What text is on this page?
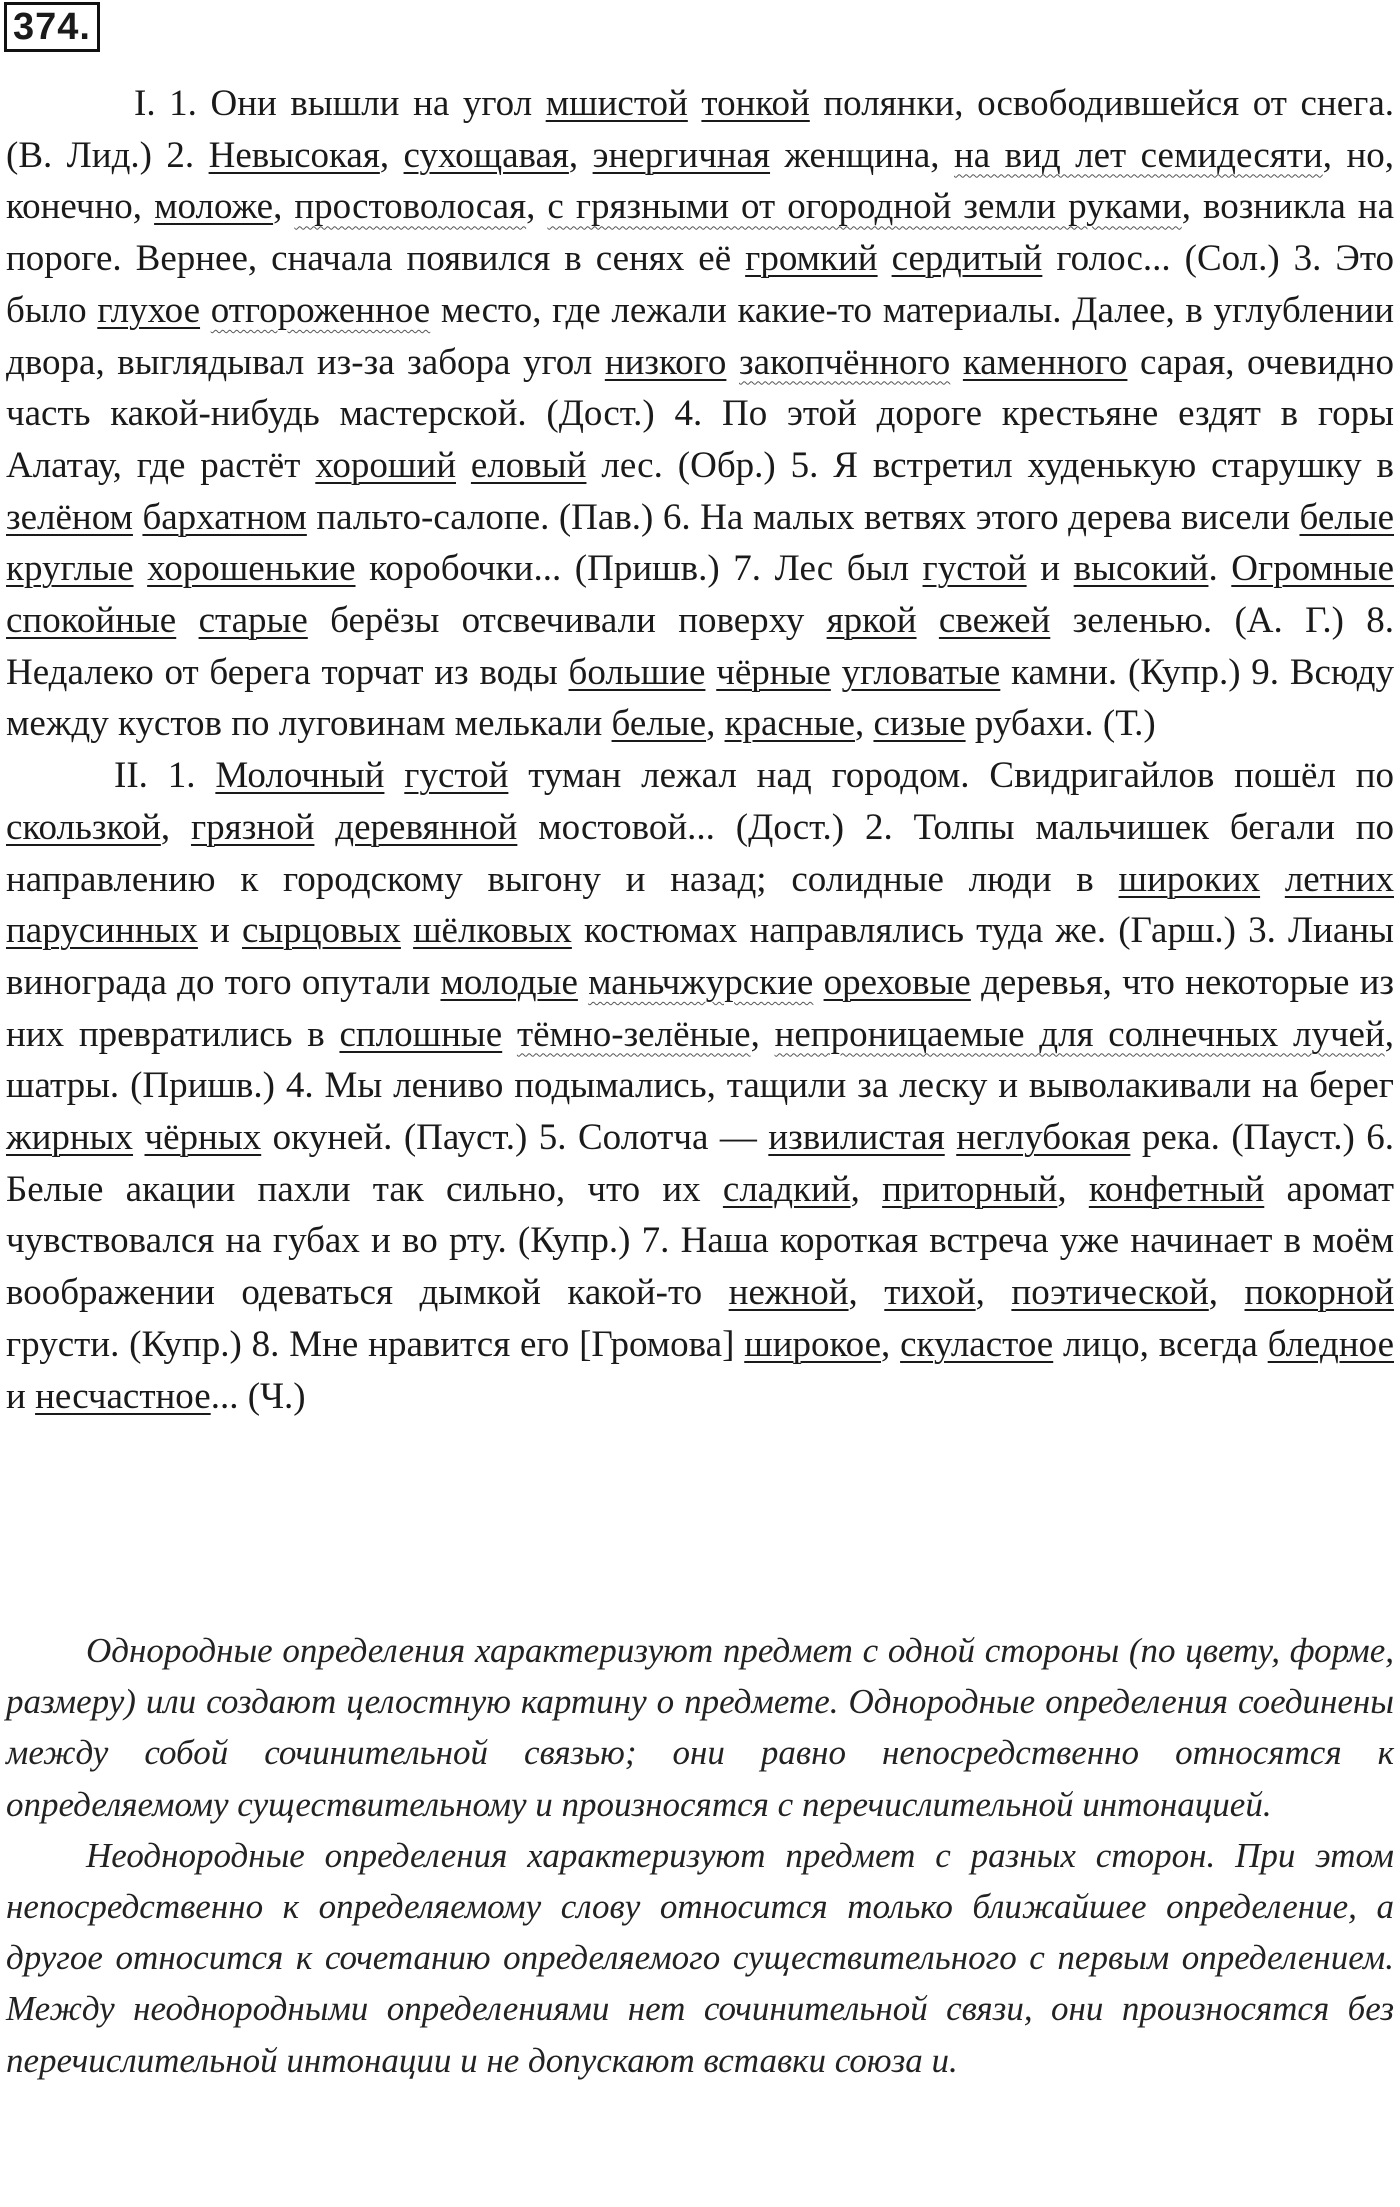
374.

I. 1. Они вышли на угол мшистой тонкой полянки, освободившейся от снега. (В. Лид.) 2. Невысокая, сухощавая, энергичная женщина, на вид лет семидесяти, но, конечно, моложе, простоволосая, с грязными от огородной земли руками, возникла на пороге. Вернее, сначала появился в сенях её громкий сердитый голос... (Сол.) 3. Это было глухое отгороженное место, где лежали какие-то материалы. Далее, в углублении двора, выглядывал из-за забора угол низкого закопчённого каменного сарая, очевидно часть какой-нибудь мастерской. (Дост.) 4. По этой дороге крестьяне ездят в горы Алатау, где растёт хороший еловый лес. (Обр.) 5. Я встретил худенькую старушку в зелёном бархатном пальто-салопе. (Пав.) 6. На малых ветвях этого дерева висели белые круглые хорошенькие коробочки... (Пришв.) 7. Лес был густой и высокий. Огромные спокойные старые берёзы отсвечивали поверху яркой свежей зеленью. (А. Г.) 8. Недалеко от берега торчат из воды большие чёрные угловатые камни. (Купр.) 9. Всюду между кустов по луговинам мелькали белые, красные, сизые рубахи. (Т.)

II. 1. Молочный густой туман лежал над городом. Свидригайлов пошёл по скользкой, грязной деревянной мостовой... (Дост.) 2. Толпы мальчишек бегали по направлению к городскому выгону и назад; солидные люди в широких летних парусинных и сырцовых шёлковых костюмах направлялись туда же. (Гарш.) 3. Лианы винограда до того опутали молодые маньчжурские ореховые деревья, что некоторые из них превратились в сплошные тёмно-зелёные, непроницаемые для солнечных лучей, шатры. (Пришв.) 4. Мы лениво подымались, тащили за леску и выволакивали на берег жирных чёрных окуней. (Пауст.) 5. Солотча — извилистая неглубокая река. (Пауст.) 6. Белые акации пахли так сильно, что их сладкий, приторный, конфетный аромат чувствовался на губах и во рту. (Купр.) 7. Наша короткая встреча уже начинает в моём воображении одеваться дымкой какой-то нежной, тихой, поэтической, покорной грусти. (Купр.) 8. Мне нравится его [Громова] широкое, скуластое лицо, всегда бледное и несчастное... (Ч.)

Однородные определения характеризуют предмет с одной стороны (по цвету, форме, размеру) или создают целостную картину о предмете. Однородные определения соединены между собой сочинительной связью; они равно непосредственно относятся к определяемому существительному и произносятся с перечислительной интонацией.

Неоднородные определения характеризуют предмет с разных сторон. При этом непосредственно к определяемому слову относится только ближайшее определение, а другое относится к сочетанию определяемого существительного с первым определением. Между неоднородными определениями нет сочинительной связи, они произносятся без перечислительной интонации и не допускают вставки союза и.
